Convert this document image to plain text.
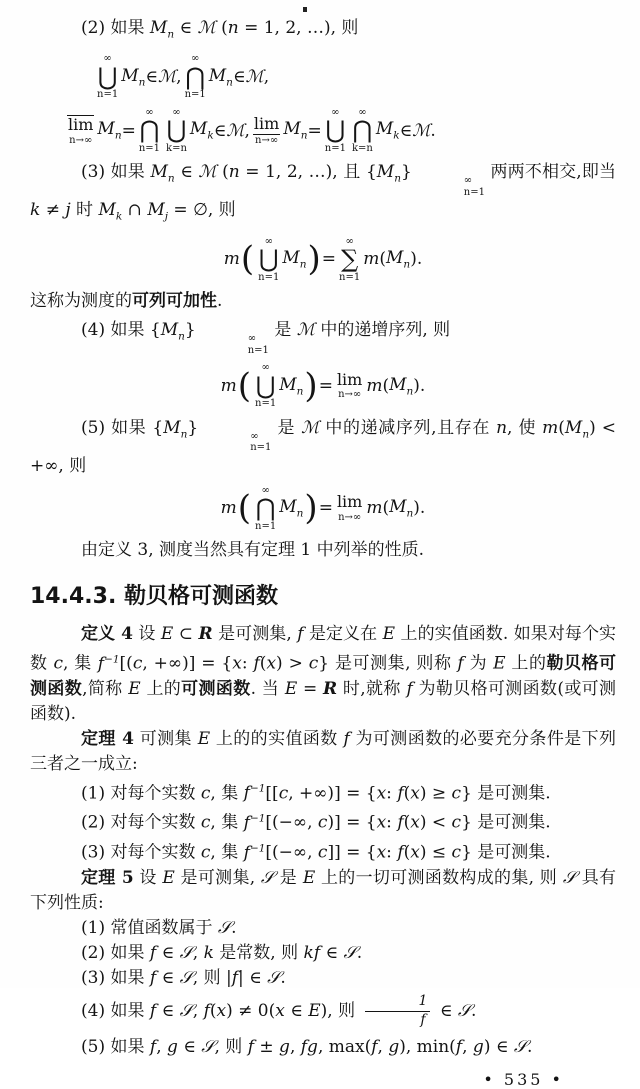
(2) 如果 $M_n$ ∈ ℳ (n = 1, 2, …), 则

∞
⋃
n=1
$M_n$ ∈ ℳ ,
∞
⋂
n=1
$M_n$ ∈ ℳ ,
lim
n→∞
$M_n$ =
∞
⋂
n=1
∞
⋃
k=n
$M_k$ ∈ ℳ , lim
n→∞
$M_n$ =
∞
⋃
n=1
∞
⋂
k=n
$M_k$ ∈ ℳ .

(3) 如果 $M_n$ ∈ ℳ (n = 1, 2, …), 且 $\{M_n\}$	∞
n=1
两两不相交,即当 k ≠ j 时 $M_k$ ∩ $M_j$ = ∅, 则

m ( ∞
⋃
n=1
$M_n$ ) =
∞
∑
n=1
m ( $M_n$ ).

这称为测度的可列可加性.

(4) 如果 $\{M_n\}$	∞
n=1
是 ℳ 中的递增序列, 则

m ( ∞
⋃
n=1
$M_n$ ) = lim
n→∞ m ( $M_n$ ).

(5) 如果 $\{M_n\}$	∞
n=1
是 ℳ 中的递减序列,且存在 n, 使 $m(M_n)$ < +∞, 则

m ( ∞
⋂
n=1
$M_n$ ) = lim
n→∞ m ( $M_n$ ).

由定义 3, 测度当然具有定理 1 中列举的性质.

14.4.3. 勒贝格可测函数

定义 4 设 E ⊂ R 是可测集, f 是定义在 E 上的实值函数. 如果对每个实数 c, 集 $f^{-1}[(c$, +∞)] = {x: f(x) > c} 是可测集, 则称 f 为 E 上的勒贝格可测函数,简称 E 上的可测函数. 当 E = R 时,就称 f 为勒贝格可测函数(或可测函数).

定理 4 可测集 E 上的的实值函数 f 为可测函数的必要充分条件是下列三者之一成立:

(1) 对每个实数 c, 集 $f^{-1}[[c$, +∞)] = {x: f(x) ≥ c} 是可测集.

(2) 对每个实数 c, 集 $f^{-1}[(-\infty$, c)] = {x: f(x) < c} 是可测集.

(3) 对每个实数 c, 集 $f^{-1}[(-\infty$, c]] = {x: f(x) ≤ c} 是可测集.

定理 5 设 E 是可测集, 𝒮 是 E 上的一切可测函数构成的集, 则 𝒮 具有下列性质:

(1) 常值函数属于 𝒮.

(2) 如果 f ∈ 𝒮, k 是常数, 则 kf ∈ 𝒮.

(3) 如果 f ∈ 𝒮, 则 |f| ∈ 𝒮.

(4) 如果 f ∈ 𝒮, f(x) ≠ 0(x ∈ E), 则 $\frac{1}{f}$ ∈ 𝒮.

(5) 如果 f, g ∈ 𝒮, 则 f ± g, fg, max(f, g), min(f, g) ∈ 𝒮.

• 535 •
